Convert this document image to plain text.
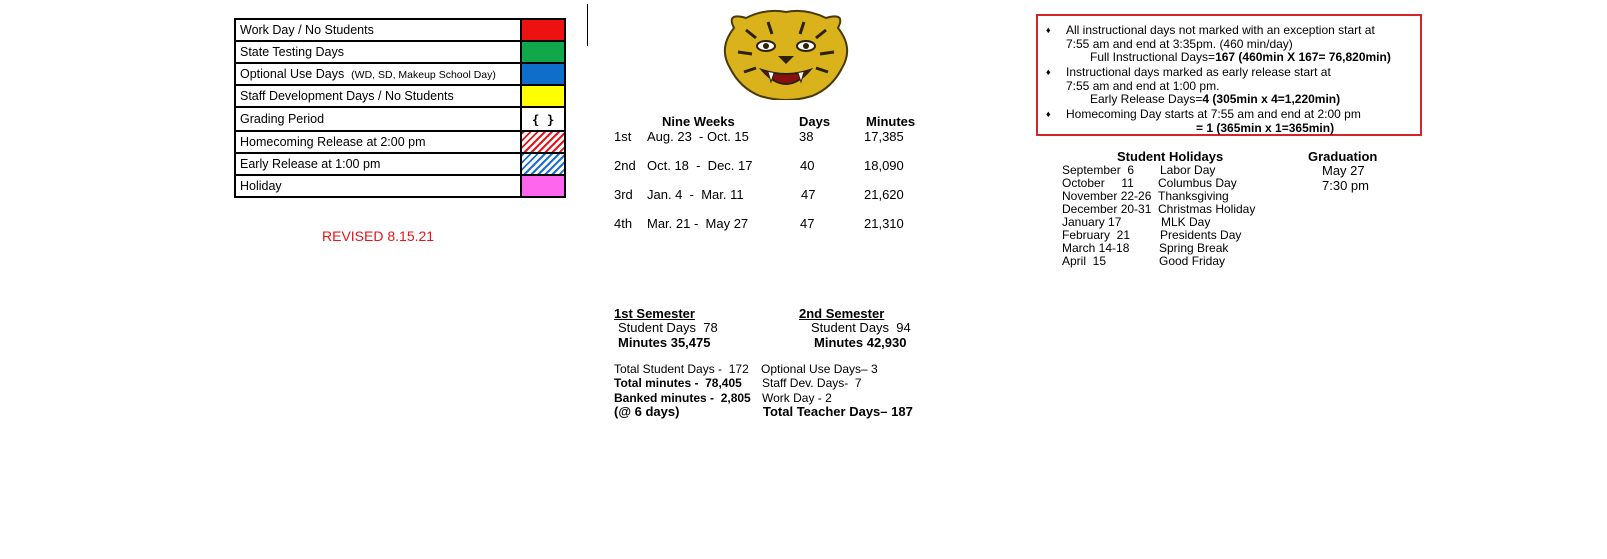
Work Day / No Students	
State Testing Days	
Optional Use Days (WD, SD, Makeup School Day)	
Staff Development Days / No Students	
Grading Period	{ }
Homecoming Release at 2:00 pm	
Early Release at 1:00 pm	
Holiday	
REVISED 8.15.21
Nine Weeks	Days	Minutes
1st Aug. 23  - Oct. 15	38	17,385
2nd Oct. 18  -  Dec. 17	40	18,090
3rd Jan. 4  -  Mar. 11	47	21,620
4th Mar. 21 -  May 27	47	21,310
1st Semester
Student Days  78
Minutes 35,475
2nd Semester
Student Days  94
Minutes 42,930
Total Student Days -  172
Total minutes -  78,405
Banked minutes -  2,805
(@ 6 days)
Optional Use Days– 3
Staff Dev. Days-  7
Work Day - 2
Total Teacher Days– 187
♦ All instructional days not marked with an exception start at
7:55 am and end at 3:35pm. (460 min/day)
Full Instructional Days=167 (460min X 167= 76,820min)
♦ Instructional days marked as early release start at
7:55 am and end at 1:00 pm.
Early Release Days=4 (305min x 4=1,220min)
♦ Homecoming Day starts at 7:55 am and end at 2:00 pm
= 1 (365min x 1=365min)
Student Holidays
September  6 Labor Day
October     11 Columbus Day
November 22-26 Thanksgiving
December 20-31 Christmas Holiday
January 17	MLK Day
February  21 Presidents Day
March 14-18 Spring Break
April  15	Good Friday
Graduation
May 27
7:30 pm
